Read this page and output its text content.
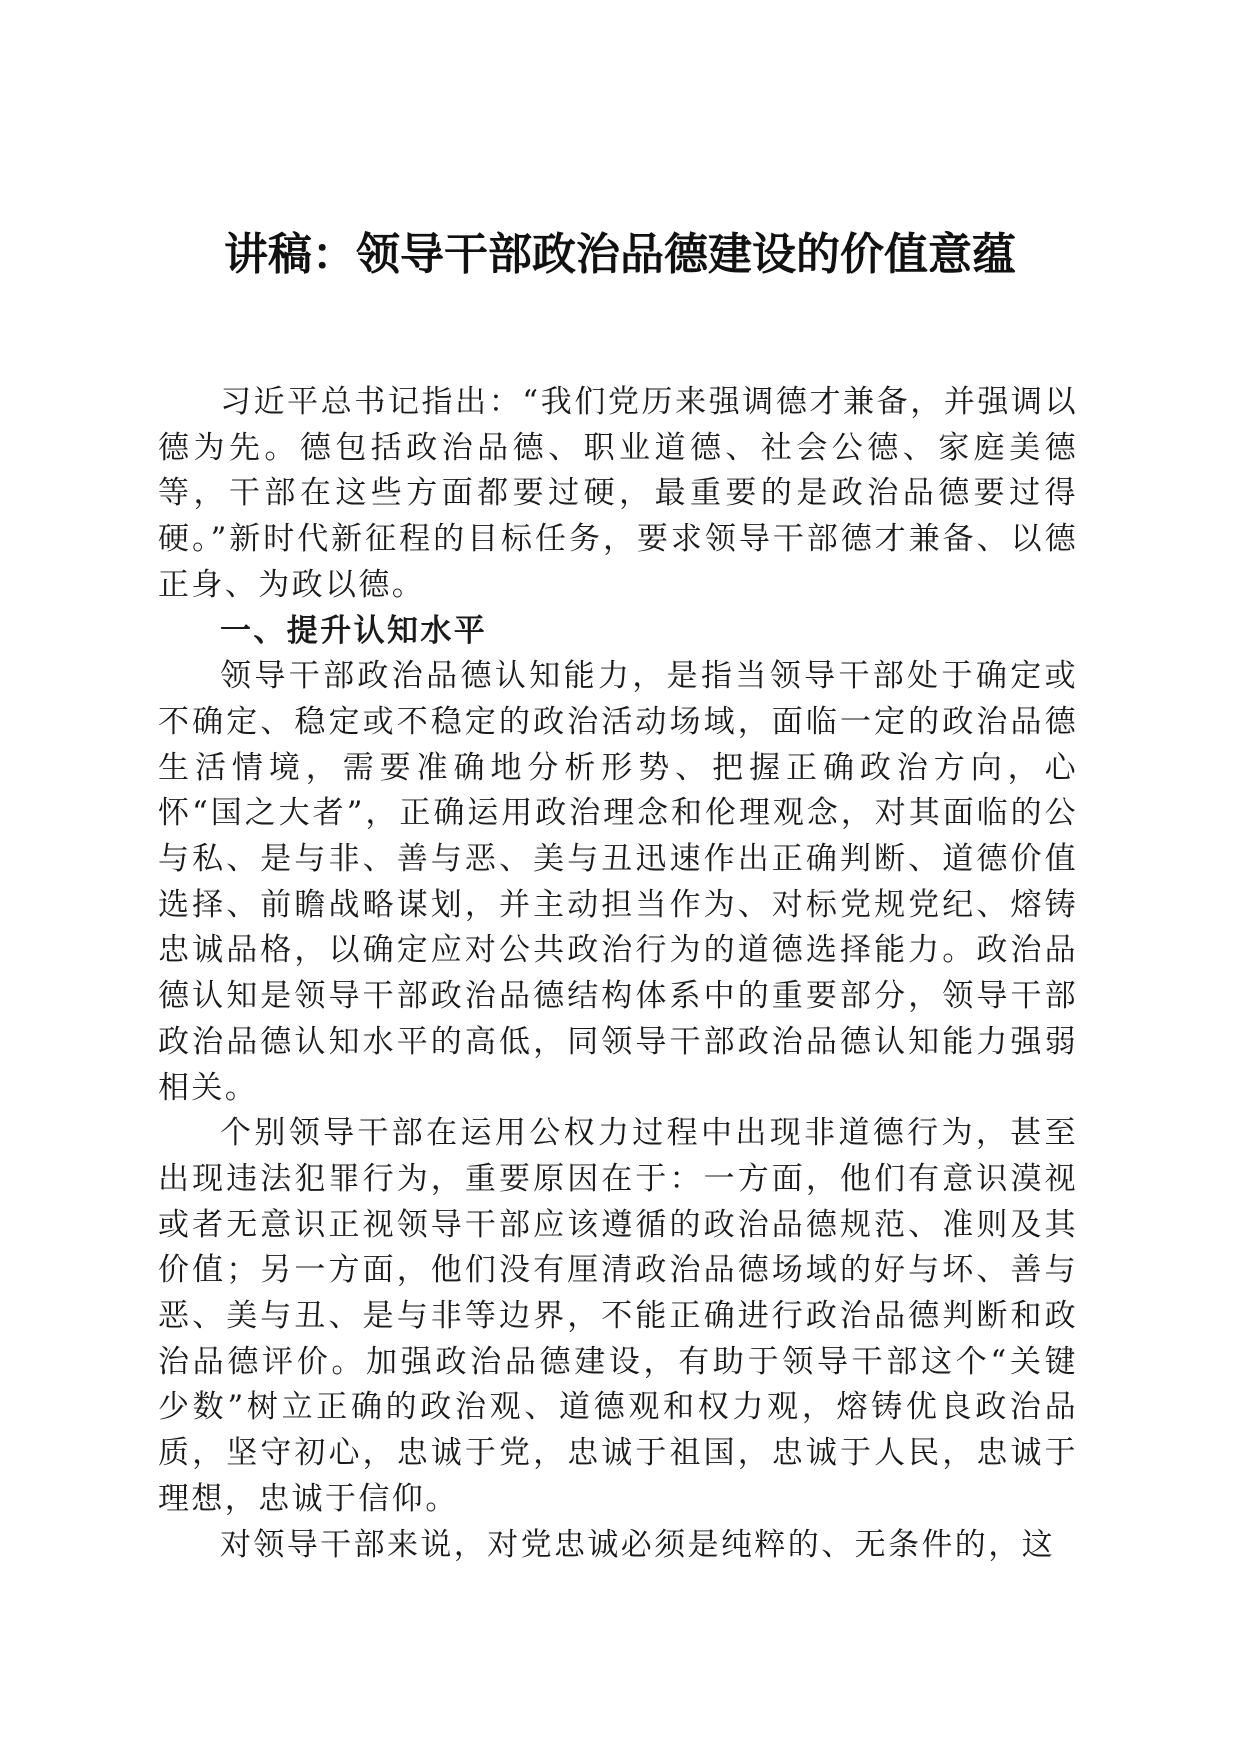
讲稿：领导干部政治品德建设的价值意蕴

习近平总书记指出：“我们党历来强调德才兼备，并强调以德为先。德包括政治品德、职业道德、社会公德、家庭美德等，干部在这些方面都要过硬，最重要的是政治品德要过得硬。”新时代新征程的目标任务，要求领导干部德才兼备、以德正身、为政以德。

一、提升认知水平

领导干部政治品德认知能力，是指当领导干部处于确定或不确定、稳定或不稳定的政治活动场域，面临一定的政治品德生活情境，需要准确地分析形势、把握正确政治方向，心怀“国之大者”，正确运用政治理念和伦理观念，对其面临的公与私、是与非、善与恶、美与丑迅速作出正确判断、道德价值选择、前瞻战略谋划，并主动担当作为、对标党规党纪、熔铸忠诚品格，以确定应对公共政治行为的道德选择能力。政治品德认知是领导干部政治品德结构体系中的重要部分，领导干部政治品德认知水平的高低，同领导干部政治品德认知能力强弱相关。

个别领导干部在运用公权力过程中出现非道德行为，甚至出现违法犯罪行为，重要原因在于：一方面，他们有意识漠视或者无意识正视领导干部应该遵循的政治品德规范、准则及其价值；另一方面，他们没有厘清政治品德场域的好与坏、善与恶、美与丑、是与非等边界，不能正确进行政治品德判断和政治品德评价。加强政治品德建设，有助于领导干部这个“关键少数”树立正确的政治观、道德观和权力观，熔铸优良政治品质，坚守初心，忠诚于党，忠诚于祖国，忠诚于人民，忠诚于理想，忠诚于信仰。

对领导干部来说，对党忠诚必须是纯粹的、无条件的，这
